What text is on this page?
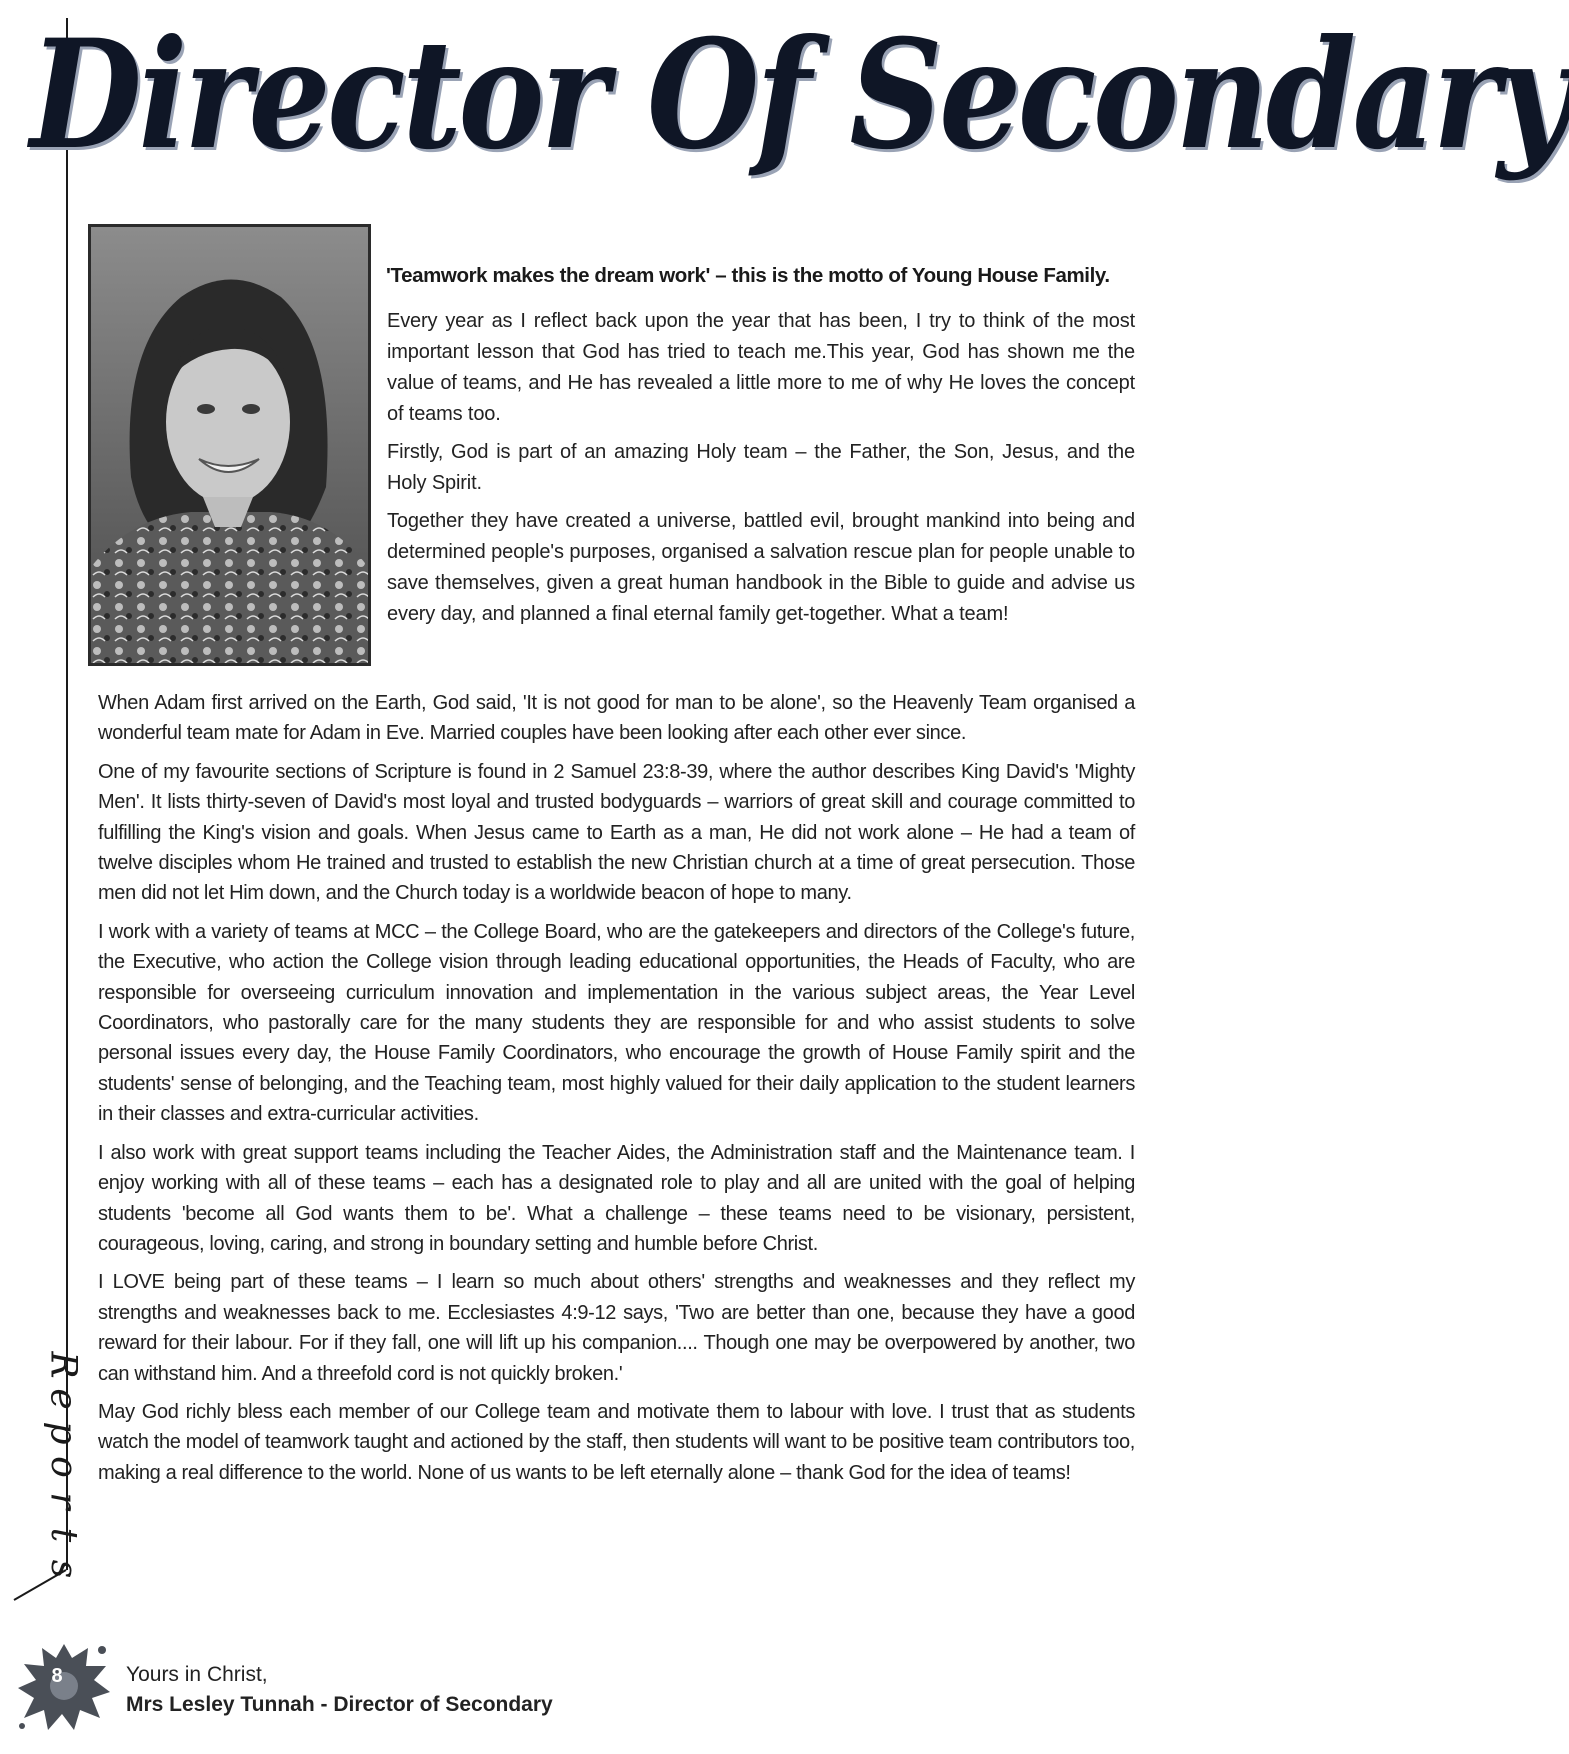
Director Of Secondary
'Teamwork makes the dream work' – this is the motto of Young House Family.

Every year as I reflect back upon the year that has been, I try to think of the most important lesson that God has tried to teach me.This year, God has shown me the value of teams, and He has revealed a little more to me of why He loves the concept of teams too.

Firstly, God is part of an amazing Holy team – the Father, the Son, Jesus, and the Holy Spirit.

Together they have created a universe, battled evil, brought mankind into being and determined people's purposes, organised a salvation rescue plan for people unable to save themselves, given a great human handbook in the Bible to guide and advise us every day, and planned a final eternal family get-together. What a team!

When Adam first arrived on the Earth, God said, 'It is not good for man to be alone', so the Heavenly Team organised a wonderful team mate for Adam in Eve. Married couples have been looking after each other ever since.

One of my favourite sections of Scripture is found in 2 Samuel 23:8-39, where the author describes King David's 'Mighty Men'. It lists thirty-seven of David's most loyal and trusted bodyguards – warriors of great skill and courage committed to fulfilling the King's vision and goals. When Jesus came to Earth as a man, He did not work alone – He had a team of twelve disciples whom He trained and trusted to establish the new Christian church at a time of great persecution. Those men did not let Him down, and the Church today is a worldwide beacon of hope to many.

I work with a variety of teams at MCC – the College Board, who are the gatekeepers and directors of the College's future, the Executive, who action the College vision through leading educational opportunities, the Heads of Faculty, who are responsible for overseeing curriculum innovation and implementation in the various subject areas, the Year Level Coordinators, who pastorally care for the many students they are responsible for and who assist students to solve personal issues every day, the House Family Coordinators, who encourage the growth of House Family spirit and the students' sense of belonging, and the Teaching team, most highly valued for their daily application to the student learners in their classes and extra-curricular activities.

I also work with great support teams including the Teacher Aides, the Administration staff and the Maintenance team. I enjoy working with all of these teams – each has a designated role to play and all are united with the goal of helping students 'become all God wants them to be'. What a challenge – these teams need to be visionary, persistent, courageous, loving, caring, and strong in boundary setting and humble before Christ.

I LOVE being part of these teams – I learn so much about others' strengths and weaknesses and they reflect my strengths and weaknesses back to me. Ecclesiastes 4:9-12 says, 'Two are better than one, because they have a good reward for their labour. For if they fall, one will lift up his companion.... Though one may be overpowered by another, two can withstand him. And a threefold cord is not quickly broken.'

May God richly bless each member of our College team and motivate them to labour with love. I trust that as students watch the model of teamwork taught and actioned by the staff, then students will want to be positive team contributors too, making a real difference to the world. None of us wants to be left eternally alone – thank God for the idea of teams!

R
e
p
o
r
t
s
8	Yours in Christ,
Mrs Lesley Tunnah - Director of Secondary
